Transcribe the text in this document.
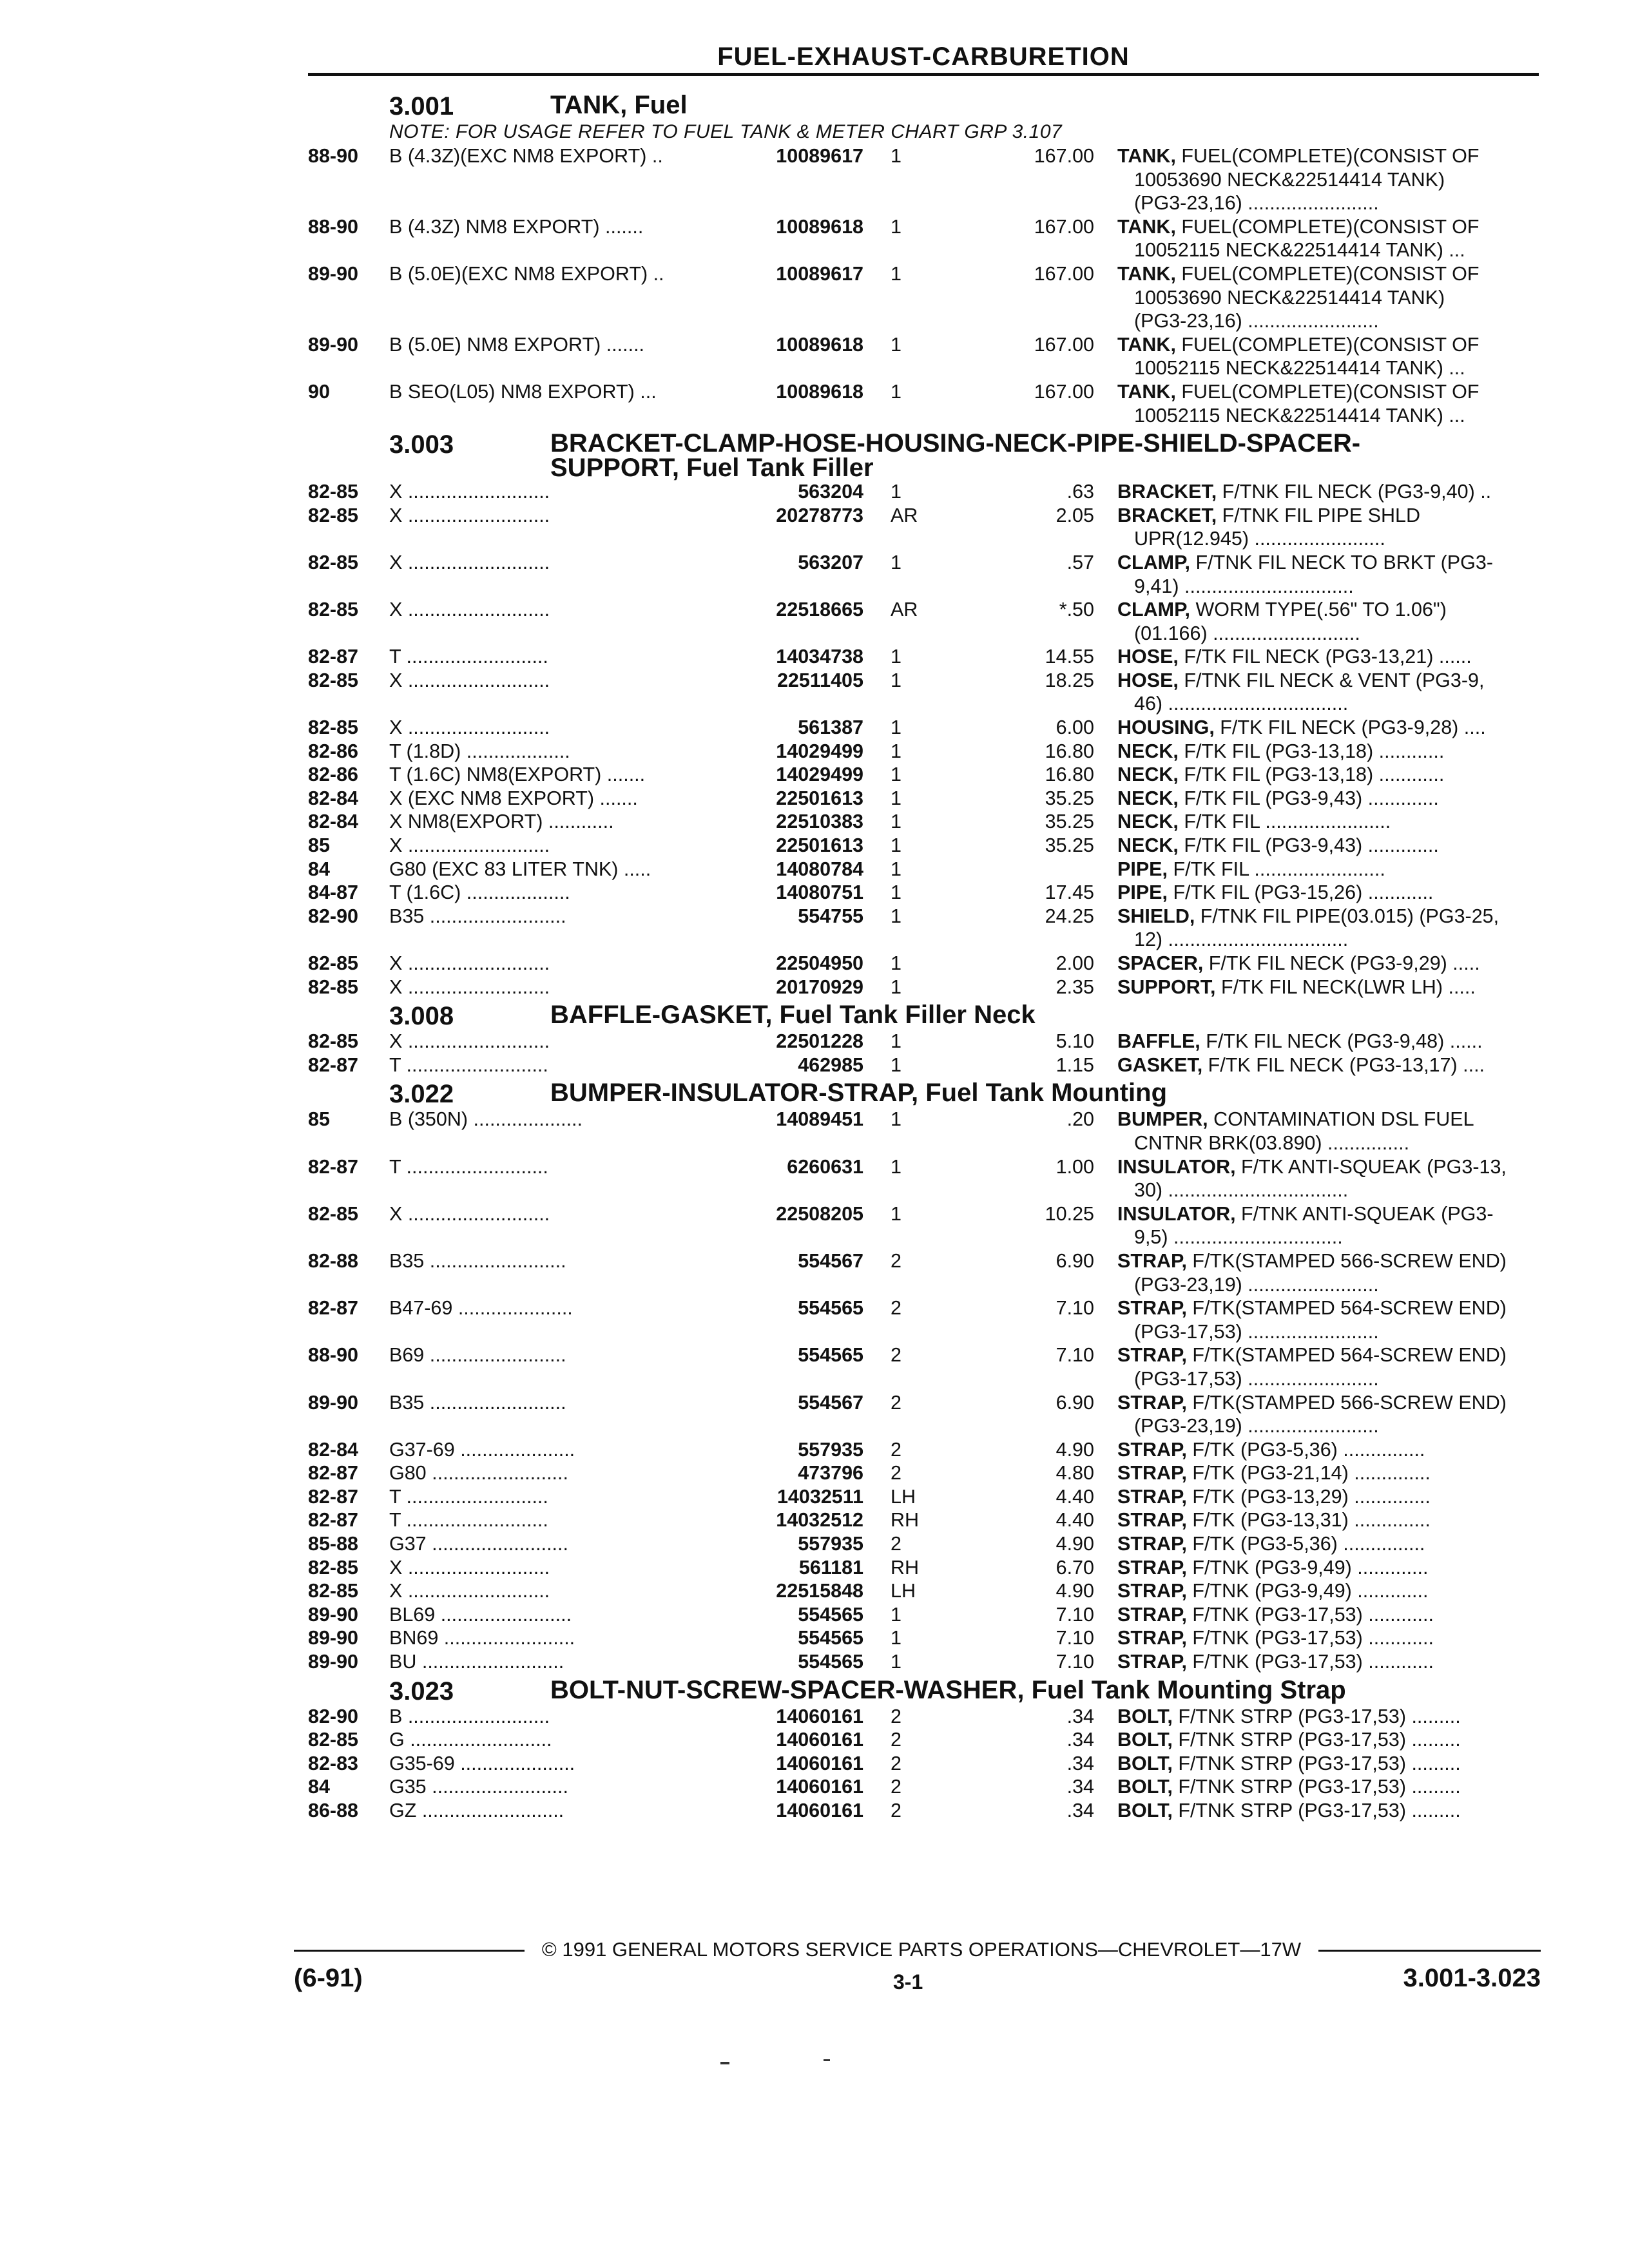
FUEL-EXHAUST-CARBURETION
3.001	TANK, Fuel
NOTE: FOR USAGE REFER TO FUEL TANK & METER CHART GRP 3.107
88-90	B (4.3Z)(EXC NM8 EXPORT) ..	10089617 1	167.00 TANK, FUEL(COMPLETE)(CONSIST OF
10053690 NECK&22514414 TANK)
(PG3-23,16) ........................
88-90	B (4.3Z) NM8 EXPORT) .......	10089618 1	167.00 TANK, FUEL(COMPLETE)(CONSIST OF
10052115 NECK&22514414 TANK) ...
89-90	B (5.0E)(EXC NM8 EXPORT) ..	10089617 1	167.00 TANK, FUEL(COMPLETE)(CONSIST OF
10053690 NECK&22514414 TANK)
(PG3-23,16) ........................
89-90	B (5.0E) NM8 EXPORT) .......	10089618 1	167.00 TANK, FUEL(COMPLETE)(CONSIST OF
10052115 NECK&22514414 TANK) ...
90	B SEO(L05) NM8 EXPORT) ...	10089618 1	167.00 TANK, FUEL(COMPLETE)(CONSIST OF
10052115 NECK&22514414 TANK) ...
3.003	BRACKET-CLAMP-HOSE-HOUSING-NECK-PIPE-SHIELD-SPACER-SUPPORT, Fuel Tank Filler
82-85	X ..........................	563204 1	.63 BRACKET, F/TNK FIL NECK (PG3-9,40) ..
82-85	X ..........................	20278773 AR	2.05 BRACKET, F/TNK FIL PIPE SHLD
UPR(12.945) ........................
82-85	X ..........................	563207 1	.57 CLAMP, F/TNK FIL NECK TO BRKT (PG3-
9,41) ...............................
82-85	X ..........................	22518665 AR	*.50 CLAMP, WORM TYPE(.56" TO 1.06")
(01.166) ...........................
82-87	T ..........................	14034738 1	14.55 HOSE, F/TK FIL NECK (PG3-13,21) ......
82-85	X ..........................	22511405 1	18.25 HOSE, F/TNK FIL NECK & VENT (PG3-9,
46) .................................
82-85	X ..........................	561387 1	6.00 HOUSING, F/TK FIL NECK (PG3-9,28) ....
82-86	T (1.8D) ...................	14029499 1	16.80 NECK, F/TK FIL (PG3-13,18) ............
82-86	T (1.6C) NM8(EXPORT) .......	14029499 1	16.80 NECK, F/TK FIL (PG3-13,18) ............
82-84	X (EXC NM8 EXPORT) .......	22501613 1	35.25 NECK, F/TK FIL (PG3-9,43) .............
82-84	X NM8(EXPORT) ............	22510383 1	35.25 NECK, F/TK FIL .......................
85	X ..........................	22501613 1	35.25 NECK, F/TK FIL (PG3-9,43) .............
84	G80 (EXC 83 LITER TNK) .....	14080784 1	PIPE, F/TK FIL ........................
84-87	T (1.6C) ...................	14080751 1	17.45 PIPE, F/TK FIL (PG3-15,26) ............
82-90	B35 .........................	554755 1	24.25 SHIELD, F/TNK FIL PIPE(03.015) (PG3-25,
12) .................................
82-85	X ..........................	22504950 1	2.00 SPACER, F/TK FIL NECK (PG3-9,29) .....
82-85	X ..........................	20170929 1	2.35 SUPPORT, F/TK FIL NECK(LWR LH) .....
3.008	BAFFLE-GASKET, Fuel Tank Filler Neck
82-85	X ..........................	22501228 1	5.10 BAFFLE, F/TK FIL NECK (PG3-9,48) ......
82-87	T ..........................	462985 1	1.15 GASKET, F/TK FIL NECK (PG3-13,17) ....
3.022	BUMPER-INSULATOR-STRAP, Fuel Tank Mounting
85	B (350N) ....................	14089451 1	.20 BUMPER, CONTAMINATION DSL FUEL
CNTNR BRK(03.890) ...............
82-87	T ..........................	6260631 1	1.00 INSULATOR, F/TK ANTI-SQUEAK (PG3-13,
30) .................................
82-85	X ..........................	22508205 1	10.25 INSULATOR, F/TNK ANTI-SQUEAK (PG3-
9,5) ...............................
82-88	B35 .........................	554567 2	6.90 STRAP, F/TK(STAMPED 566-SCREW END)
(PG3-23,19) ........................
82-87	B47-69 .....................	554565 2	7.10 STRAP, F/TK(STAMPED 564-SCREW END)
(PG3-17,53) ........................
88-90	B69 .........................	554565 2	7.10 STRAP, F/TK(STAMPED 564-SCREW END)
(PG3-17,53) ........................
89-90	B35 .........................	554567 2	6.90 STRAP, F/TK(STAMPED 566-SCREW END)
(PG3-23,19) ........................
82-84	G37-69 .....................	557935 2	4.90 STRAP, F/TK (PG3-5,36) ...............
82-87	G80 .........................	473796 2	4.80 STRAP, F/TK (PG3-21,14) ..............
82-87	T ..........................	14032511 LH	4.40 STRAP, F/TK (PG3-13,29) ..............
82-87	T ..........................	14032512 RH	4.40 STRAP, F/TK (PG3-13,31) ..............
85-88	G37 .........................	557935 2	4.90 STRAP, F/TK (PG3-5,36) ...............
82-85	X ..........................	561181 RH	6.70 STRAP, F/TNK (PG3-9,49) .............
82-85	X ..........................	22515848 LH	4.90 STRAP, F/TNK (PG3-9,49) .............
89-90	BL69 ........................	554565 1	7.10 STRAP, F/TNK (PG3-17,53) ............
89-90	BN69 ........................	554565 1	7.10 STRAP, F/TNK (PG3-17,53) ............
89-90	BU ..........................	554565 1	7.10 STRAP, F/TNK (PG3-17,53) ............
3.023	BOLT-NUT-SCREW-SPACER-WASHER, Fuel Tank Mounting Strap
82-90	B ..........................	14060161 2	.34 BOLT, F/TNK STRP (PG3-17,53) .........
82-85	G ..........................	14060161 2	.34 BOLT, F/TNK STRP (PG3-17,53) .........
82-83	G35-69 .....................	14060161 2	.34 BOLT, F/TNK STRP (PG3-17,53) .........
84	G35 .........................	14060161 2	.34 BOLT, F/TNK STRP (PG3-17,53) .........
86-88	GZ ..........................	14060161 2	.34 BOLT, F/TNK STRP (PG3-17,53) .........
© 1991 GENERAL MOTORS SERVICE PARTS OPERATIONS—CHEVROLET—17W
(6-91)	3-1	3.001-3.023
